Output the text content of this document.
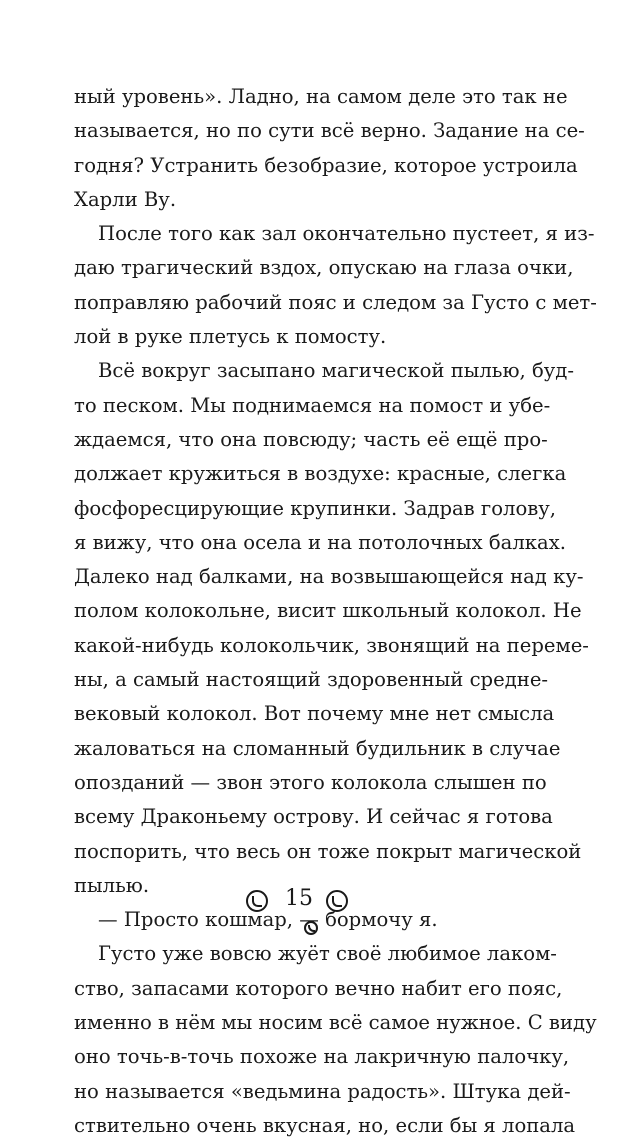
ный уровень». Ладно, на самом деле это так не
называется, но по сути всё верно. Задание на се-
годня? Устранить безобразие, которое устроила
Харли Ву.
После того как зал окончательно пустеет, я из-
даю трагический вздох, опускаю на глаза очки,
поправляю рабочий пояс и следом за Густо с мет-
лой в руке плетусь к помосту.
Всё вокруг засыпано магической пылью, буд-
то песком. Мы поднимаемся на помост и убе-
ждаемся, что она повсюду; часть её ещё про-
должает кружиться в воздухе: красные, слегка
фосфоресцирующие крупинки. Задрав голову,
я вижу, что она осела и на потолочных балках.
Далеко над балками, на возвышающейся над ку-
полом колокольне, висит школьный колокол. Не
какой-нибудь колокольчик, звонящий на переме-
ны, а самый настоящий здоровенный средне-
вековый колокол. Вот почему мне нет смысла
жаловаться на сломанный будильник в случае
опозданий — звон этого колокола слышен по
всему Драконьему острову. И сейчас я готова
поспорить, что весь он тоже покрыт магической
пылью.
— Просто кошмар, — бормочу я.
Густо уже вовсю жуёт своё любимое лаком-
ство, запасами которого вечно набит его пояс,
именно в нём мы носим всё самое нужное. С виду
оно точь-в-точь похоже на лакричную палочку,
но называется «ведьмина радость». Штука дей-
ствительно очень вкусная, но, если бы я лопала
15
